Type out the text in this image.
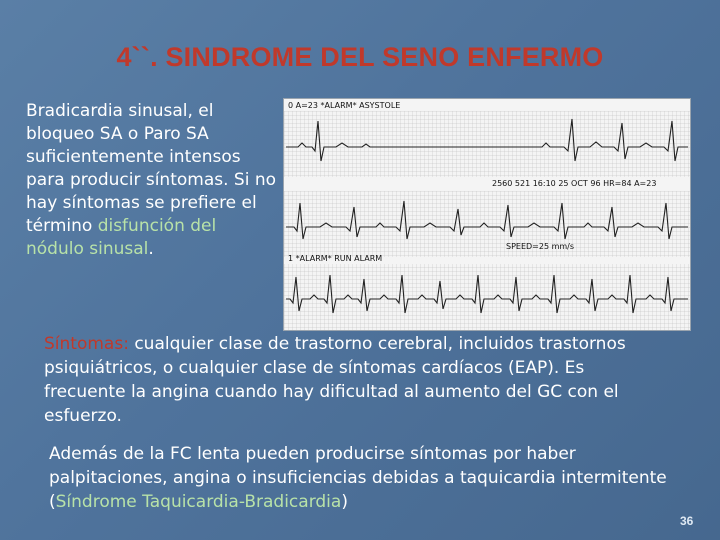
4``. SINDROME DEL SENO ENFERMO
Bradicardia sinusal, el bloqueo SA o Paro SA suficientemente intensos para producir síntomas. Si no hay síntomas se prefiere el término disfunción del nódulo sinusal.
0 A=23 *ALARM* ASYSTOLE
2560 521 16:10 25 OCT 96 HR=84 A=23
SPEED=25 mm/s
1 *ALARM* RUN ALARM
Síntomas: cualquier clase de trastorno cerebral, incluidos trastornos psiquiátricos, o cualquier clase de síntomas cardíacos (EAP). Es frecuente la angina cuando hay dificultad al aumento del GC con el esfuerzo.
Además de la FC lenta pueden producirse síntomas por haber palpitaciones, angina o insuficiencias debidas a taquicardia intermitente (Síndrome Taquicardia-Bradicardia)
36
